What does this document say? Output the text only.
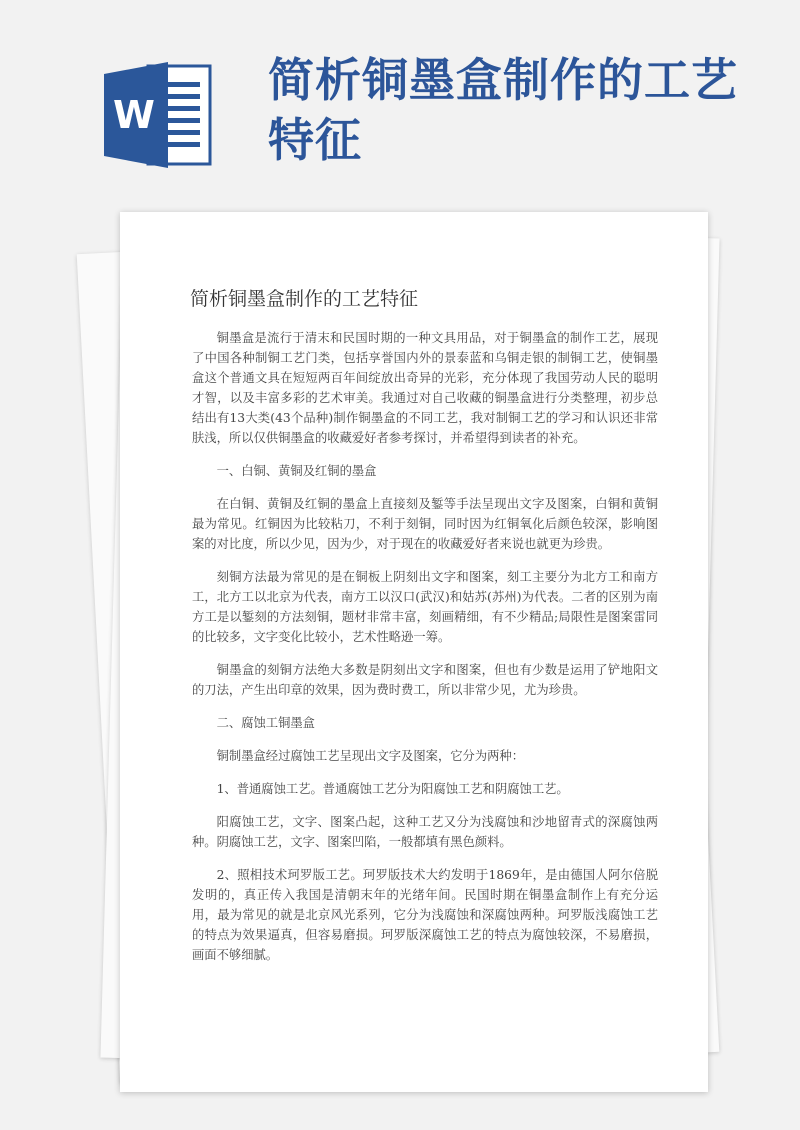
W
简析铜墨盒制作的工艺特征
简析铜墨盒制作的工艺特征

铜墨盒是流行于清末和民国时期的一种文具用品，对于铜墨盒的制作工艺，展现了中国各种制铜工艺门类，包括享誉国内外的景泰蓝和乌铜走银的制铜工艺，使铜墨盒这个普通文具在短短两百年间绽放出奇异的光彩，充分体现了我国劳动人民的聪明才智，以及丰富多彩的艺术审美。我通过对自己收藏的铜墨盒进行分类整理，初步总结出有13大类(43个品种)制作铜墨盒的不同工艺，我对制铜工艺的学习和认识还非常肤浅，所以仅供铜墨盒的收藏爱好者参考探讨，并希望得到读者的补充。

一、白铜、黄铜及红铜的墨盒

在白铜、黄铜及红铜的墨盒上直接刻及錾等手法呈现出文字及图案，白铜和黄铜最为常见。红铜因为比较粘刀，不利于刻铜，同时因为红铜氧化后颜色较深，影响图案的对比度，所以少见，因为少，对于现在的收藏爱好者来说也就更为珍贵。

刻铜方法最为常见的是在铜板上阴刻出文字和图案，刻工主要分为北方工和南方工，北方工以北京为代表，南方工以汉口(武汉)和姑苏(苏州)为代表。二者的区别为南方工是以錾刻的方法刻铜，题材非常丰富，刻画精细，有不少精品;局限性是图案雷同的比较多，文字变化比较小，艺术性略逊一筹。

铜墨盒的刻铜方法绝大多数是阴刻出文字和图案，但也有少数是运用了铲地阳文的刀法，产生出印章的效果，因为费时费工，所以非常少见，尤为珍贵。

二、腐蚀工铜墨盒

铜制墨盒经过腐蚀工艺呈现出文字及图案，它分为两种：

1、普通腐蚀工艺。普通腐蚀工艺分为阳腐蚀工艺和阴腐蚀工艺。

阳腐蚀工艺，文字、图案凸起，这种工艺又分为浅腐蚀和沙地留青式的深腐蚀两种。阴腐蚀工艺，文字、图案凹陷，一般都填有黑色颜料。

2、照相技术珂罗版工艺。珂罗版技术大约发明于1869年，是由德国人阿尔倍脱发明的，真正传入我国是清朝末年的光绪年间。民国时期在铜墨盒制作上有充分运用，最为常见的就是北京风光系列，它分为浅腐蚀和深腐蚀两种。珂罗版浅腐蚀工艺的特点为效果逼真，但容易磨损。珂罗版深腐蚀工艺的特点为腐蚀较深，不易磨损，画面不够细腻。
